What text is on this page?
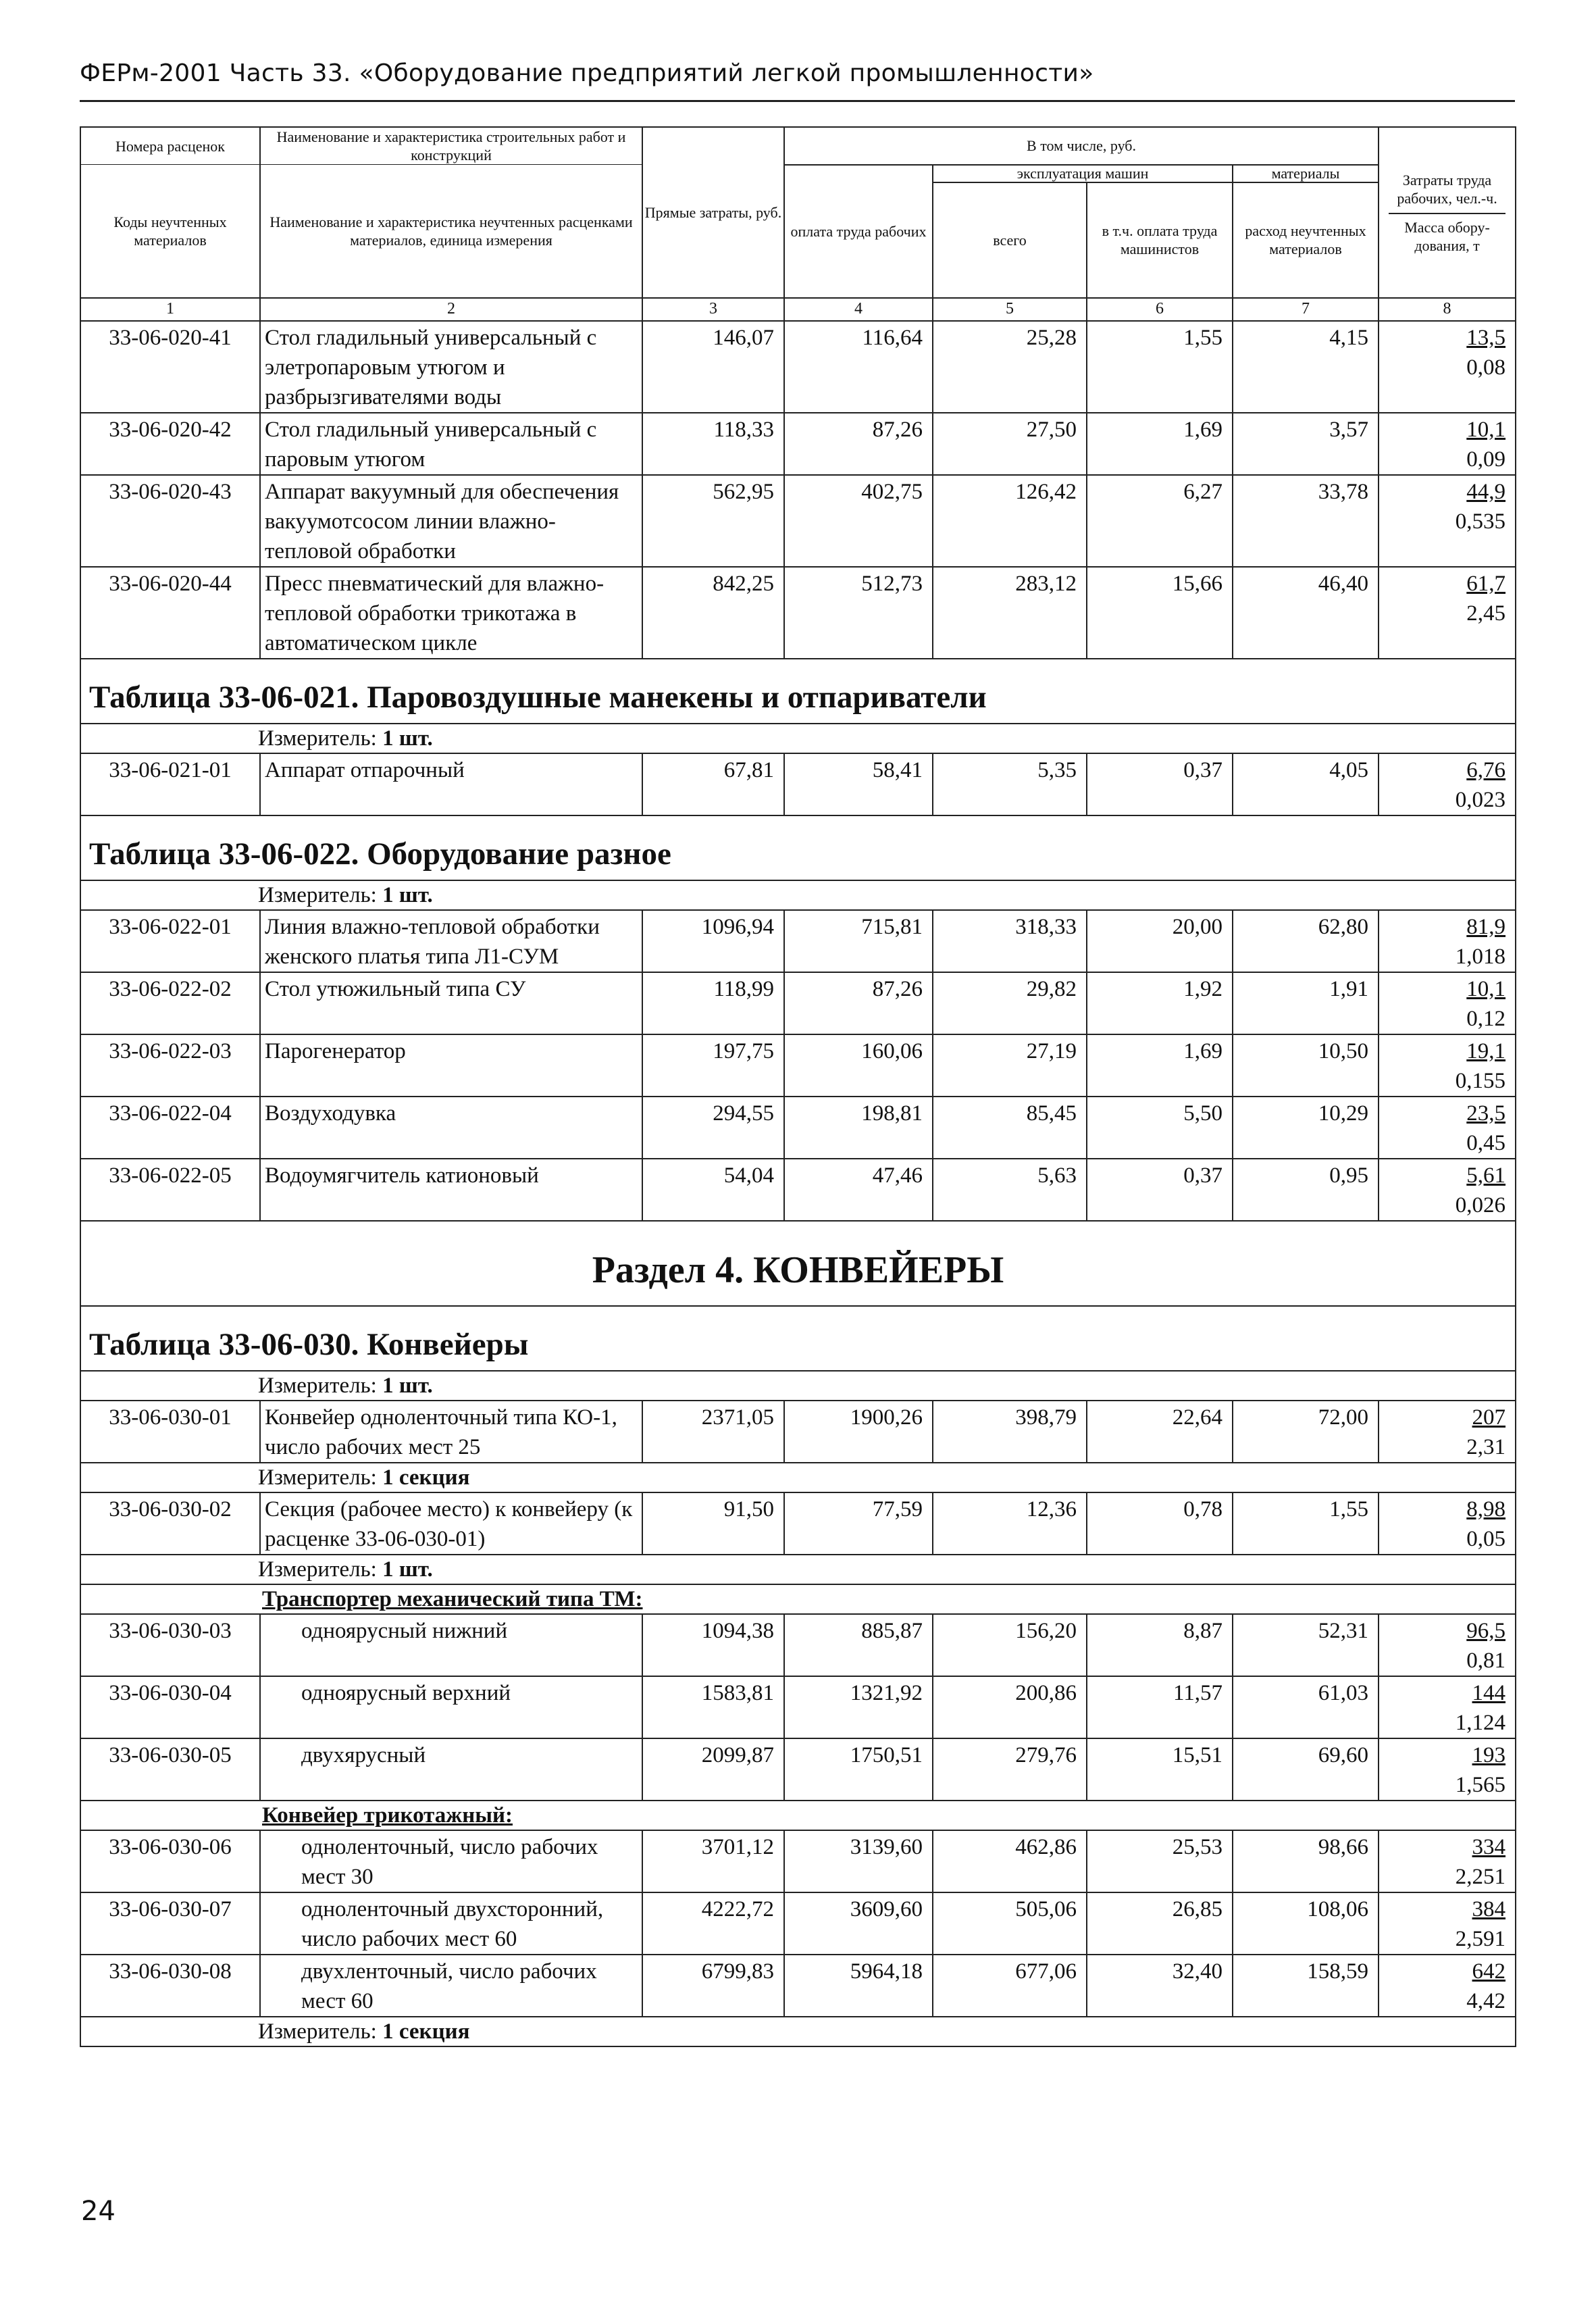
ФЕРм-2001 Часть 33. «Оборудование предприятий легкой промышленности»
Номера расценок	Наименование и характеристика строительных работ и конструкций	Прямые затраты, руб.	В том числе, руб.				Затраты труда рабочих, чел.-ч.
Масса обору-дования, т

Коды неучтенных материалов	Наименование и характеристика неучтенных расценками материалов, единица измерения		оплата труда рабочих	эксплуатация машин		материалы	
				всего	в т.ч. оплата труда машинистов	расход неучтенных материалов	
1	2	3	4	5	6	7	8
33-06-020-41	Стол гладильный универсальный с элетропаровым утюгом и разбрызгивателями воды	146,07	116,64	25,28	1,55	4,15	13,5
0,08

33-06-020-42	Стол гладильный универсальный с паровым утюгом	118,33	87,26	27,50	1,69	3,57	10,1
0,09

33-06-020-43	Аппарат вакуумный для обеспечения вакуумотсосом линии влажно-тепловой обработки	562,95	402,75	126,42	6,27	33,78	44,9
0,535

33-06-020-44	Пресс пневматический для влажно-тепловой обработки трикотажа в автоматическом цикле	842,25	512,73	283,12	15,66	46,40	61,7
2,45

Таблица 33-06-021. Паровоздушные манекены и отпариватели							
Измеритель: 1 шт.							
33-06-021-01	Аппарат отпарочный	67,81	58,41	5,35	0,37	4,05	6,76
0,023

Таблица 33-06-022. Оборудование разное							
Измеритель: 1 шт.							
33-06-022-01	Линия влажно-тепловой обработки женского платья типа Л1-СУМ	1096,94	715,81	318,33	20,00	62,80	81,9
1,018

33-06-022-02	Стол утюжильный типа СУ	118,99	87,26	29,82	1,92	1,91	10,1
0,12

33-06-022-03	Парогенератор	197,75	160,06	27,19	1,69	10,50	19,1
0,155

33-06-022-04	Воздуходувка	294,55	198,81	85,45	5,50	10,29	23,5
0,45

33-06-022-05	Водоумягчитель катионовый	54,04	47,46	5,63	0,37	0,95	5,61
0,026

Раздел 4. КОНВЕЙЕРЫ							
Таблица 33-06-030. Конвейеры							
Измеритель: 1 шт.							
33-06-030-01	Конвейер одноленточный типа КО-1, число рабочих мест 25	2371,05	1900,26	398,79	22,64	72,00	207
2,31

Измеритель: 1 секция							
33-06-030-02	Секция (рабочее место) к конвейеру (к расценке 33-06-030-01)	91,50	77,59	12,36	0,78	1,55	8,98
0,05

Измеритель: 1 шт.							
Транспортер механический типа ТМ:							
33-06-030-03	одноярусный нижний	1094,38	885,87	156,20	8,87	52,31	96,5
0,81

33-06-030-04	одноярусный верхний	1583,81	1321,92	200,86	11,57	61,03	144
1,124

33-06-030-05	двухярусный	2099,87	1750,51	279,76	15,51	69,60	193
1,565

Конвейер трикотажный:							
33-06-030-06	одноленточный, число рабочих мест 30	3701,12	3139,60	462,86	25,53	98,66	334
2,251

33-06-030-07	одноленточный двухсторонний, число рабочих мест 60	4222,72	3609,60	505,06	26,85	108,06	384
2,591

33-06-030-08	двухленточный, число рабочих мест 60	6799,83	5964,18	677,06	32,40	158,59	642
4,42

Измеритель: 1 секция							
24
